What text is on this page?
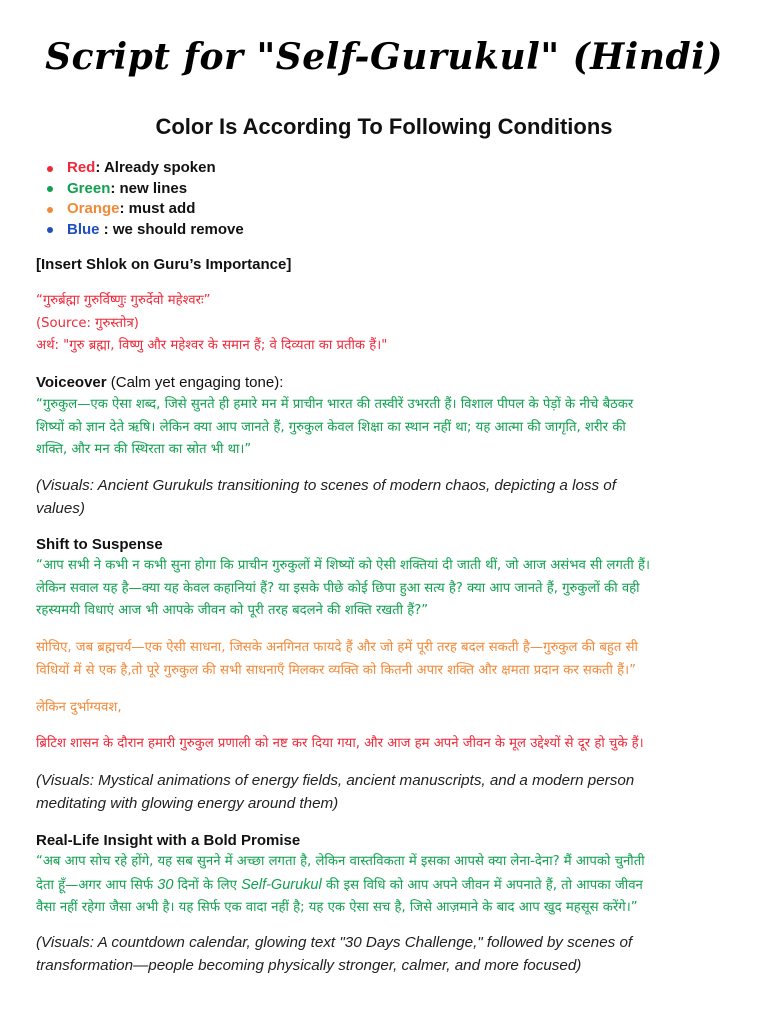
Script for "Self-Gurukul" (Hindi)
Color Is According To Following Conditions
Red: Already spoken
Green: new lines
Orange: must add
Blue : we should remove
[Insert Shlok on Guru’s Importance]
“गुरुर्ब्रह्मा गुरुर्विष्णुः गुरुर्देवो महेश्वरः”
(Source: गुरुस्तोत्र)
अर्थ: "गुरु ब्रह्मा, विष्णु और महेश्वर के समान हैं; वे दिव्यता का प्रतीक हैं।"
Voiceover (Calm yet engaging tone):
“गुरुकुल—एक ऐसा शब्द, जिसे सुनते ही हमारे मन में प्राचीन भारत की तस्वीरें उभरती हैं। विशाल पीपल के पेड़ों के नीचे बैठकर
शिष्यों को ज्ञान देते ऋषि। लेकिन क्या आप जानते हैं, गुरुकुल केवल शिक्षा का स्थान नहीं था; यह आत्मा की जागृति, शरीर की
शक्ति, और मन की स्थिरता का स्रोत भी था।”
(Visuals: Ancient Gurukuls transitioning to scenes of modern chaos, depicting a loss of
values)
Shift to Suspense
“आप सभी ने कभी न कभी सुना होगा कि प्राचीन गुरुकुलों में शिष्यों को ऐसी शक्तियां दी जाती थीं, जो आज असंभव सी लगती हैं।
लेकिन सवाल यह है—क्या यह केवल कहानियां हैं? या इसके पीछे कोई छिपा हुआ सत्य है? क्या आप जानते हैं, गुरुकुलों की वही
रहस्यमयी विधाएं आज भी आपके जीवन को पूरी तरह बदलने की शक्ति रखती हैं?”
सोचिए, जब ब्रह्मचर्य—एक ऐसी साधना, जिसके अनगिनत फायदे हैं और जो हमें पूरी तरह बदल सकती है—गुरुकुल की बहुत सी
विधियों में से एक है,तो पूरे गुरुकुल की सभी साधनाएँ मिलकर व्यक्ति को कितनी अपार शक्ति और क्षमता प्रदान कर सकती हैं।”
लेकिन दुर्भाग्यवश,
ब्रिटिश शासन के दौरान हमारी गुरुकुल प्रणाली को नष्ट कर दिया गया, और आज हम अपने जीवन के मूल उद्देश्यों से दूर हो चुके हैं।
(Visuals: Mystical animations of energy fields, ancient manuscripts, and a modern person
meditating with glowing energy around them)
Real-Life Insight with a Bold Promise
“अब आप सोच रहे होंगे, यह सब सुनने में अच्छा लगता है, लेकिन वास्तविकता में इसका आपसे क्या लेना-देना? मैं आपको चुनौती
देता हूँ—अगर आप सिर्फ 30 दिनों के लिए Self-Gurukul की इस विधि को आप अपने जीवन में अपनाते हैं, तो आपका जीवन
वैसा नहीं रहेगा जैसा अभी है। यह सिर्फ एक वादा नहीं है; यह एक ऐसा सच है, जिसे आज़माने के बाद आप खुद महसूस करेंगे।”
(Visuals: A countdown calendar, glowing text "30 Days Challenge," followed by scenes of
transformation—people becoming physically stronger, calmer, and more focused)
